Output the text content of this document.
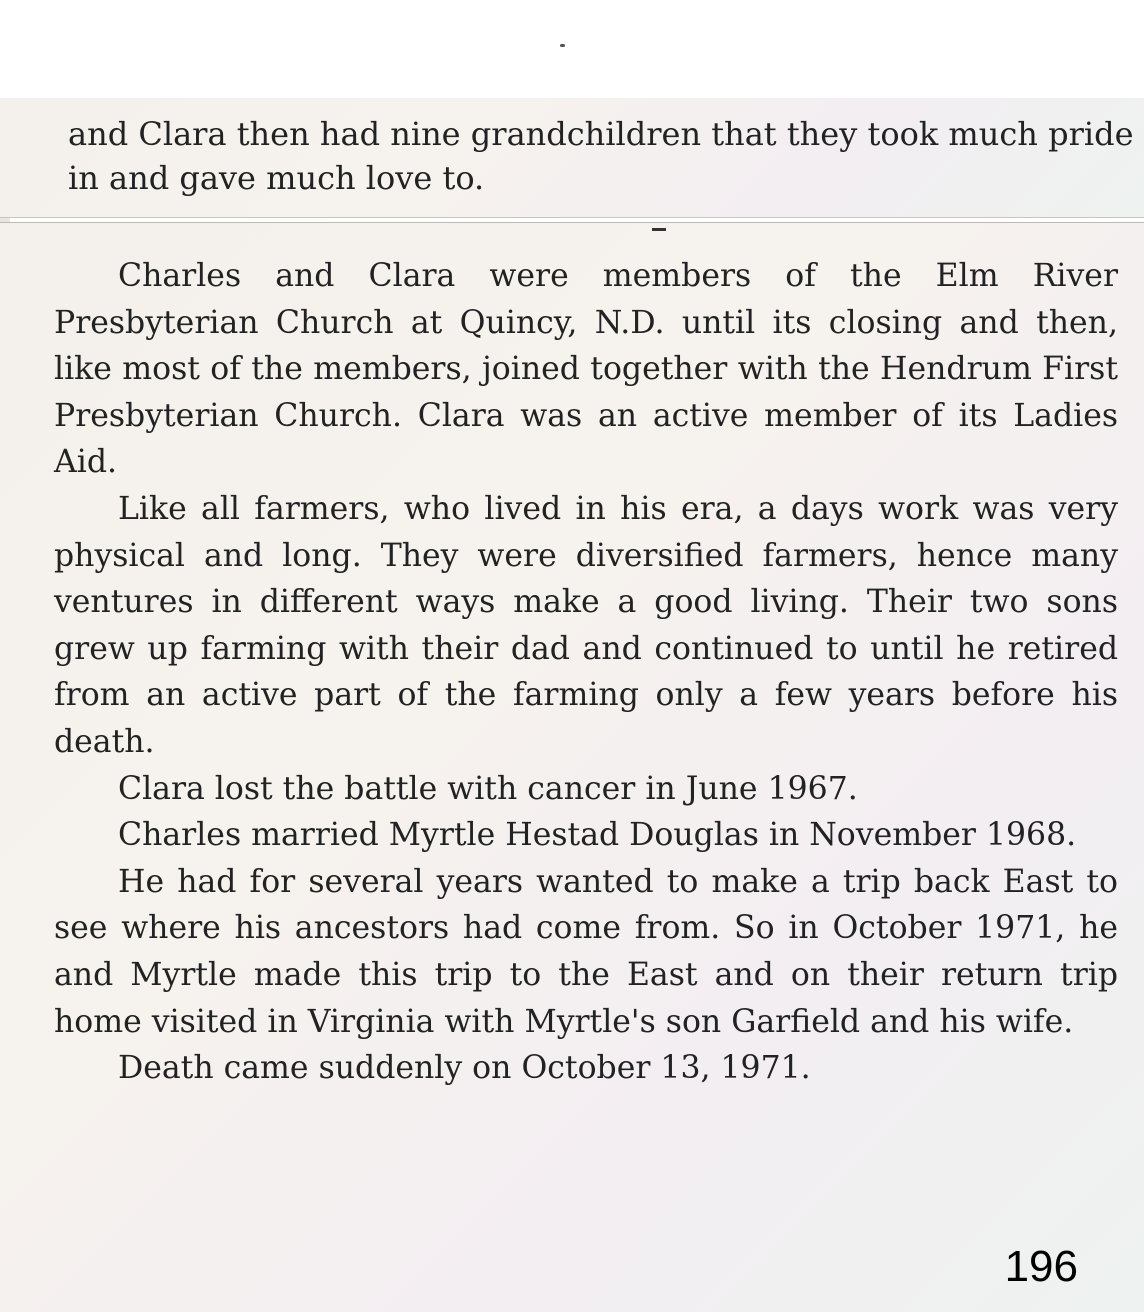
and Clara then had nine grandchildren that they took much pride in and gave much love to.

Charles and Clara were members of the Elm River Presbyterian Church at Quincy, N.D. until its closing and then, like most of the members, joined together with the Hendrum First Presbyterian Church. Clara was an active member of its Ladies Aid.

Like all farmers, who lived in his era, a days work was very physical and long. They were diversified farmers, hence many ventures in different ways make a good living. Their two sons grew up farming with their dad and continued to until he retired from an active part of the farming only a few years before his death.

Clara lost the battle with cancer in June 1967.

Charles married Myrtle Hestad Douglas in November 1968.

He had for several years wanted to make a trip back East to see where his ancestors had come from. So in October 1971, he and Myrtle made this trip to the East and on their return trip home visited in Virginia with Myrtle's son Garfield and his wife.

Death came suddenly on October 13, 1971.

196
